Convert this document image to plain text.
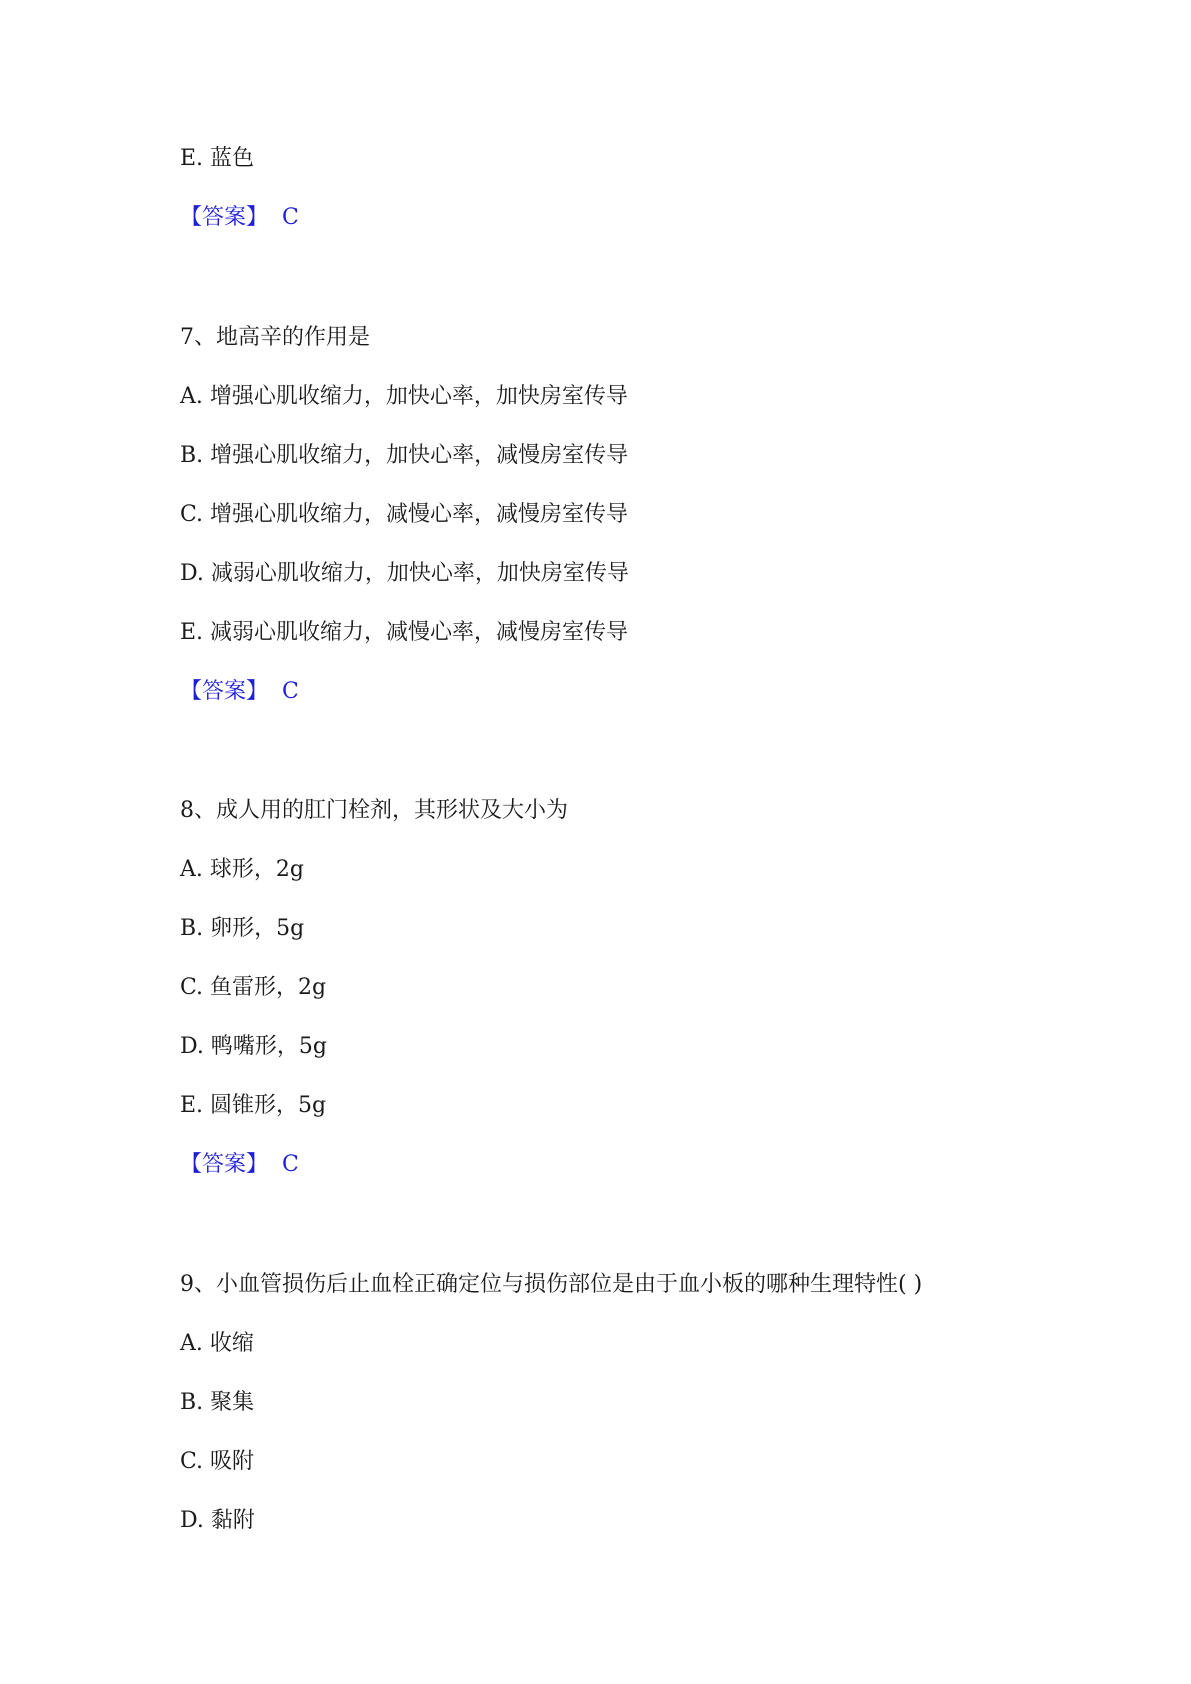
E. 蓝色
【答案】 C
7、地高辛的作用是
A. 增强心肌收缩力，加快心率，加快房室传导
B. 增强心肌收缩力，加快心率，减慢房室传导
C. 增强心肌收缩力，减慢心率，减慢房室传导
D. 减弱心肌收缩力，加快心率，加快房室传导
E. 减弱心肌收缩力，减慢心率，减慢房室传导
【答案】 C
8、成人用的肛门栓剂，其形状及大小为
A. 球形，2g
B. 卵形，5g
C. 鱼雷形，2g
D. 鸭嘴形，5g
E. 圆锥形，5g
【答案】 C
9、小血管损伤后止血栓正确定位与损伤部位是由于血小板的哪种生理特性( )
A. 收缩
B. 聚集
C. 吸附
D. 黏附
